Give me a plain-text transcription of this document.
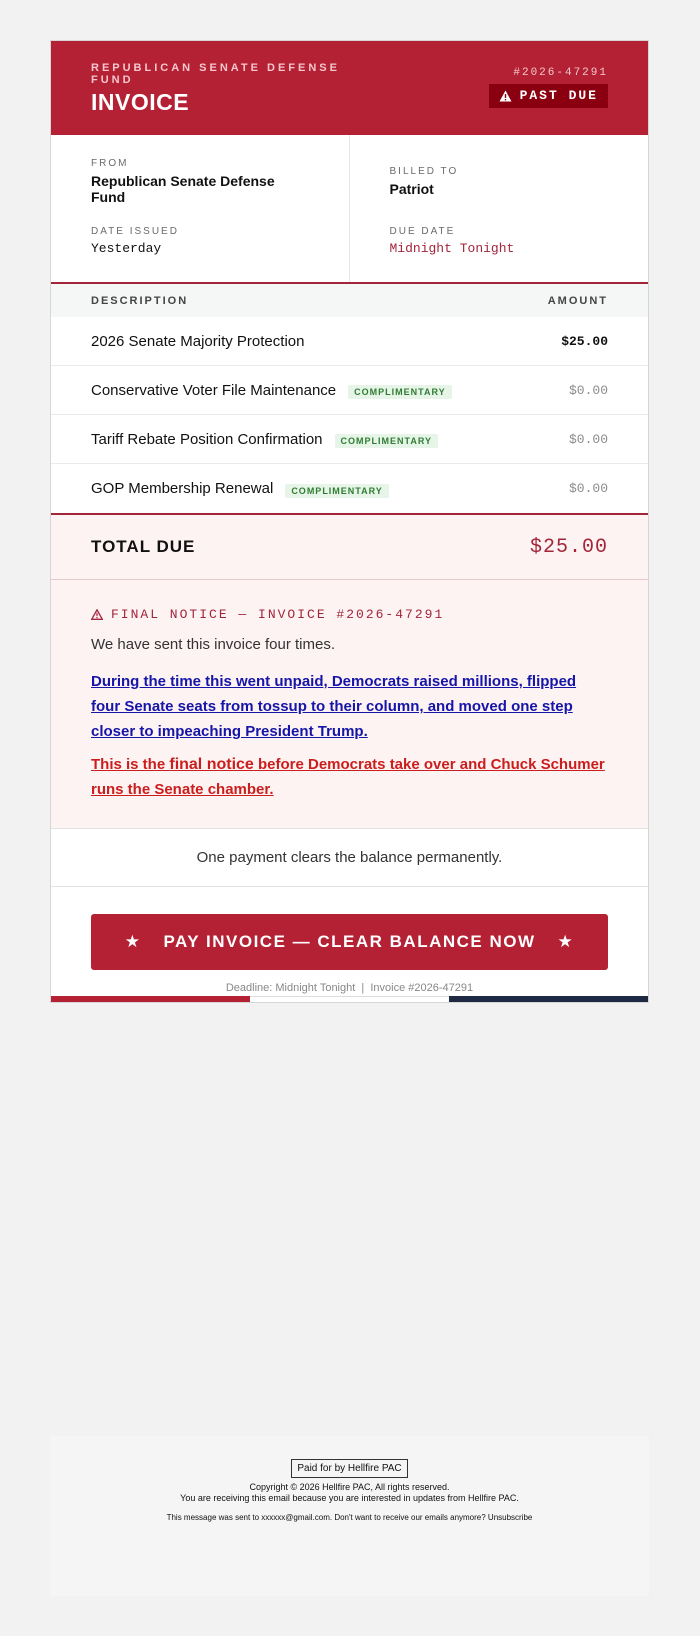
REPUBLICAN SENATE DEFENSE FUND
INVOICE
#2026-47291
PAST DUE
FROM
Republican Senate Defense Fund
DATE ISSUED
Yesterday
BILLED TO
Patriot
DUE DATE
Midnight Tonight
DESCRIPTION	AMOUNT
2026 Senate Majority Protection	$25.00
Conservative Voter File Maintenance	COMPLIMENTARY	$0.00
Tariff Rebate Position Confirmation	COMPLIMENTARY	$0.00
GOP Membership Renewal	COMPLIMENTARY	$0.00
TOTAL DUE	$25.00
FINAL NOTICE — INVOICE #2026-47291
We have sent this invoice four times.
During the time this went unpaid, Democrats raised millions, flipped four Senate seats from tossup to their column, and moved one step closer to impeaching President Trump.
This is the final notice before Democrats take over and Chuck Schumer runs the Senate chamber.
One payment clears the balance permanently.
★ PAY INVOICE — CLEAR BALANCE NOW ★
Deadline: Midnight Tonight  |  Invoice #2026-47291
Paid for by Hellfire PAC
Copyright © 2026 Hellfire PAC, All rights reserved.
You are receiving this email because you are interested in updates from Hellfire PAC.
This message was sent to xxxxxx@gmail.com. Don't want to receive our emails anymore? Unsubscribe
